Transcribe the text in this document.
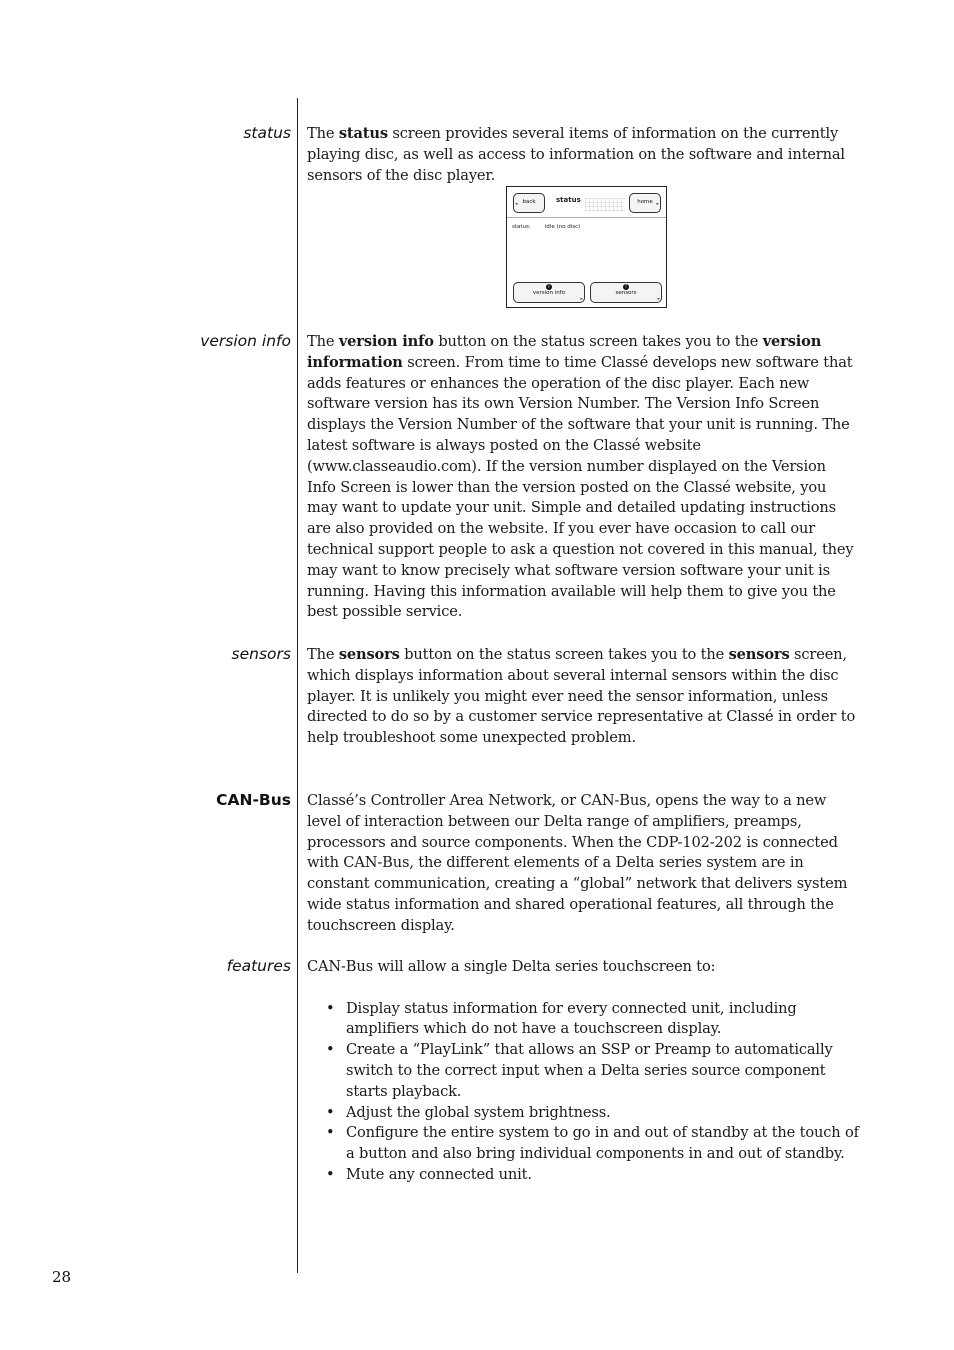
status The status screen provides several items of information on the currently playing disc, as well as access to information on the software and internal sensors of the disc player.

back
◂	status	home ▸
status:	idle (no disc)
i
version info
▸
!
sensors
▸
version info The version info button on the status screen takes you to the version information screen. From time to time Classé develops new software that adds features or enhances the operation of the disc player. Each new software version has its own Version Number. The Version Info Screen displays the Version Number of the software that your unit is running. The latest software is always posted on the Classé website (www.classeaudio.com). If the version number displayed on the Version Info Screen is lower than the version posted on the Classé website, you may want to update your unit. Simple and detailed updating instructions are also provided on the website. If you ever have occasion to call our technical support people to ask a question not covered in this manual, they may want to know precisely what software version software your unit is running. Having this information available will help them to give you the best possible service.

sensors The sensors button on the status screen takes you to the sensors screen, which displays information about several internal sensors within the disc player. It is unlikely you might ever need the sensor information, unless directed to do so by a customer service representative at Classé in order to help troubleshoot some unexpected problem.

CAN-Bus Classé’s Controller Area Network, or CAN-Bus, opens the way to a new level of interaction between our Delta range of amplifiers, preamps, processors and source components. When the CDP-102-202 is connected with CAN-Bus, the different elements of a Delta series system are in constant communication, creating a “global” network that delivers system wide status information and shared operational features, all through the touchscreen display.

features CAN-Bus will allow a single Delta series touchscreen to:

• Display status information for every connected unit, including amplifiers which do not have a touchscreen display.
• Create a “PlayLink” that allows an SSP or Preamp to automatically switch to the correct input when a Delta series source component starts playback.
• Adjust the global system brightness.
• Configure the entire system to go in and out of standby at the touch of a button and also bring individual components in and out of standby.
• Mute any connected unit.
28
